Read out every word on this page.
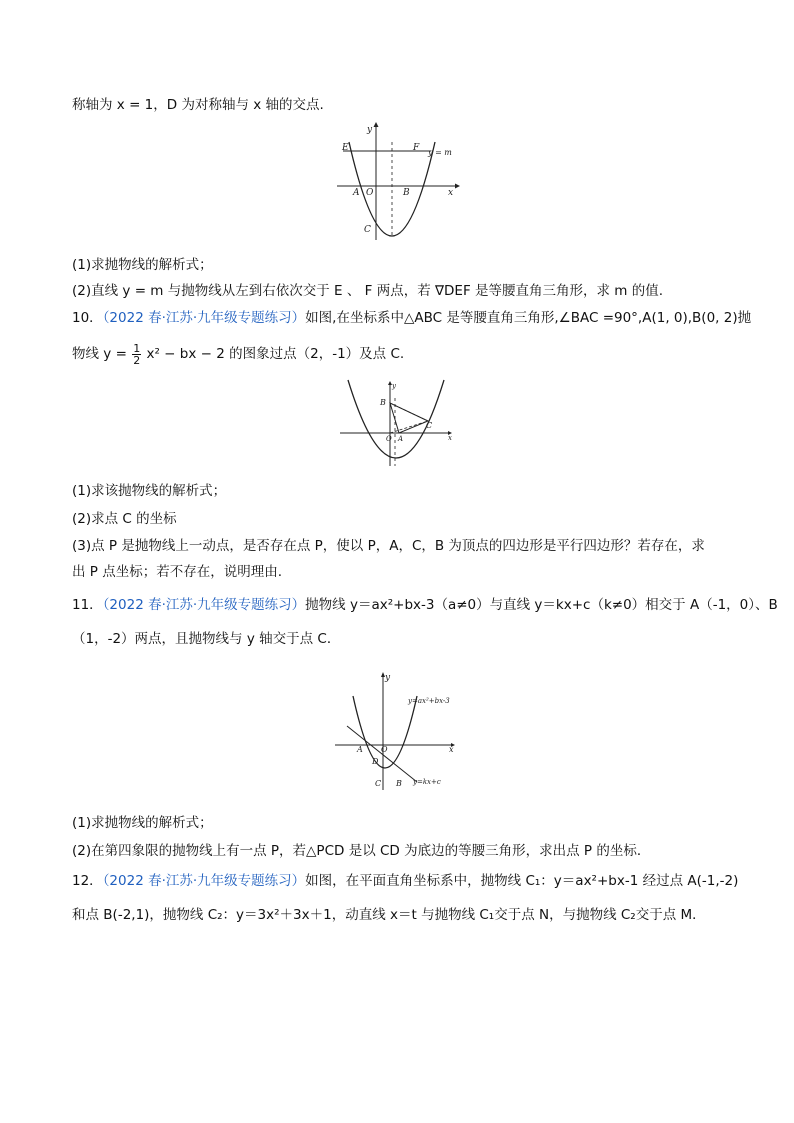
称轴为 x = 1，D 为对称轴与 x 轴的交点.
E	F
y
y = m
A O	B	x
C
(1)求抛物线的解析式；
(2)直线 y = m 与抛物线从左到右依次交于 E 、 F 两点，若 ∇DEF 是等腰直角三角形，求 m 的值.
10．（2022 春·江苏·九年级专题练习）如图,在坐标系中△ABC 是等腰直角三角形,∠BAC =90°,A(1, 0),B(0, 2)抛
物线 $y = \frac{1}{2} x^2$ − bx − 2 的图象过点（2，-1）及点 C.
B
y
C
O A	x
(1)求该抛物线的解析式；
(2)求点 C 的坐标
(3)点 P 是抛物线上一动点，是否存在点 P，使以 P，A，C，B 为顶点的四边形是平行四边形？若存在，求
出 P 点坐标；若不存在，说明理由.
11．（2022 春·江苏·九年级专题练习）抛物线 y＝ax²+bx-3（a≠0）与直线 y＝kx+c（k≠0）相交于 A（-1，0）、B
（1，-2）两点，且抛物线与 y 轴交于点 C．
y
y=ax²+bx-3
A O	x
D
C B y=kx+c
(1)求抛物线的解析式；
(2)在第四象限的抛物线上有一点 P，若△PCD 是以 CD 为底边的等腰三角形，求出点 P 的坐标．
12．（2022 春·江苏·九年级专题练习）如图，在平面直角坐标系中，抛物线 C₁：y＝ax²+bx-1 经过点 A(-1,-2)
和点 B(-2,1)，抛物线 C₂：y＝3x²＋3x＋1，动直线 x＝t 与抛物线 C₁交于点 N，与抛物线 C₂交于点 M．
